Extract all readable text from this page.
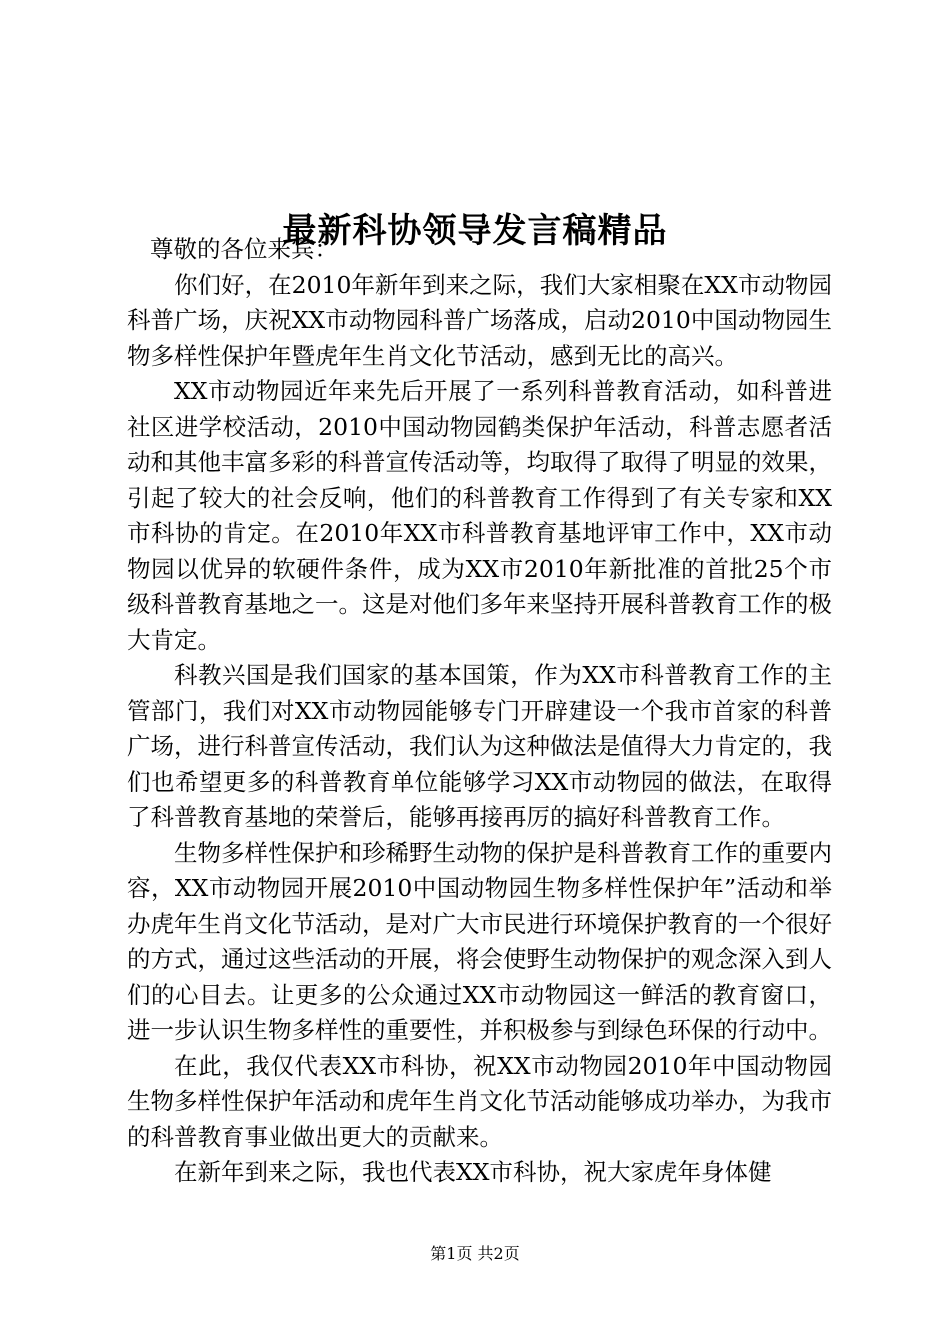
最新科协领导发言稿精品

尊敬的各位来宾：

你们好，在2010年新年到来之际，我们大家相聚在XX市动物园科普广场，庆祝XX市动物园科普广场落成，启动2010中国动物园生物多样性保护年暨虎年生肖文化节活动，感到无比的高兴。

XX市动物园近年来先后开展了一系列科普教育活动，如科普进社区进学校活动，2010中国动物园鹤类保护年活动，科普志愿者活动和其他丰富多彩的科普宣传活动等，均取得了取得了明显的效果，引起了较大的社会反响，他们的科普教育工作得到了有关专家和XX市科协的肯定。在2010年XX市科普教育基地评审工作中，XX市动物园以优异的软硬件条件，成为XX市2010年新批准的首批25个市级科普教育基地之一。这是对他们多年来坚持开展科普教育工作的极大肯定。

科教兴国是我们国家的基本国策，作为XX市科普教育工作的主管部门，我们对XX市动物园能够专门开辟建设一个我市首家的科普广场，进行科普宣传活动，我们认为这种做法是值得大力肯定的，我们也希望更多的科普教育单位能够学习XX市动物园的做法，在取得了科普教育基地的荣誉后，能够再接再厉的搞好科普教育工作。

生物多样性保护和珍稀野生动物的保护是科普教育工作的重要内容，XX市动物园开展2010中国动物园生物多样性保护年”活动和举办虎年生肖文化节活动，是对广大市民进行环境保护教育的一个很好的方式，通过这些活动的开展，将会使野生动物保护的观念深入到人们的心目去。让更多的公众通过XX市动物园这一鲜活的教育窗口，进一步认识生物多样性的重要性，并积极参与到绿色环保的行动中。

在此，我仅代表XX市科协，祝XX市动物园2010年中国动物园生物多样性保护年活动和虎年生肖文化节活动能够成功举办，为我市的科普教育事业做出更大的贡献来。

在新年到来之际，我也代表XX市科协，祝大家虎年身体健

第1页 共2页
